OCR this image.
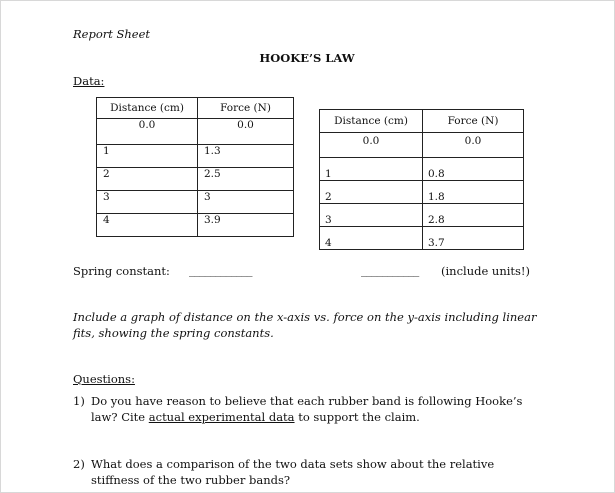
Report Sheet
HOOKE’S LAW
Data:
Distance (cm)	Force (N)
0.0	0.0
1	1.3
2	2.5
3	3
4	3.9
Distance (cm)	Force (N)
0.0	0.0
1	0.8
2	1.8
3	2.8
4	3.7
Spring constant: ____________	___________ (include units!)
Include a graph of distance on the x-axis vs. force on the y-axis including linear fits, showing the spring constants.
Questions:
1) Do you have reason to believe that each rubber band is following Hooke’s law? Cite actual experimental data to support the claim.
2) What does a comparison of the two data sets show about the relative stiffness of the two rubber bands?
